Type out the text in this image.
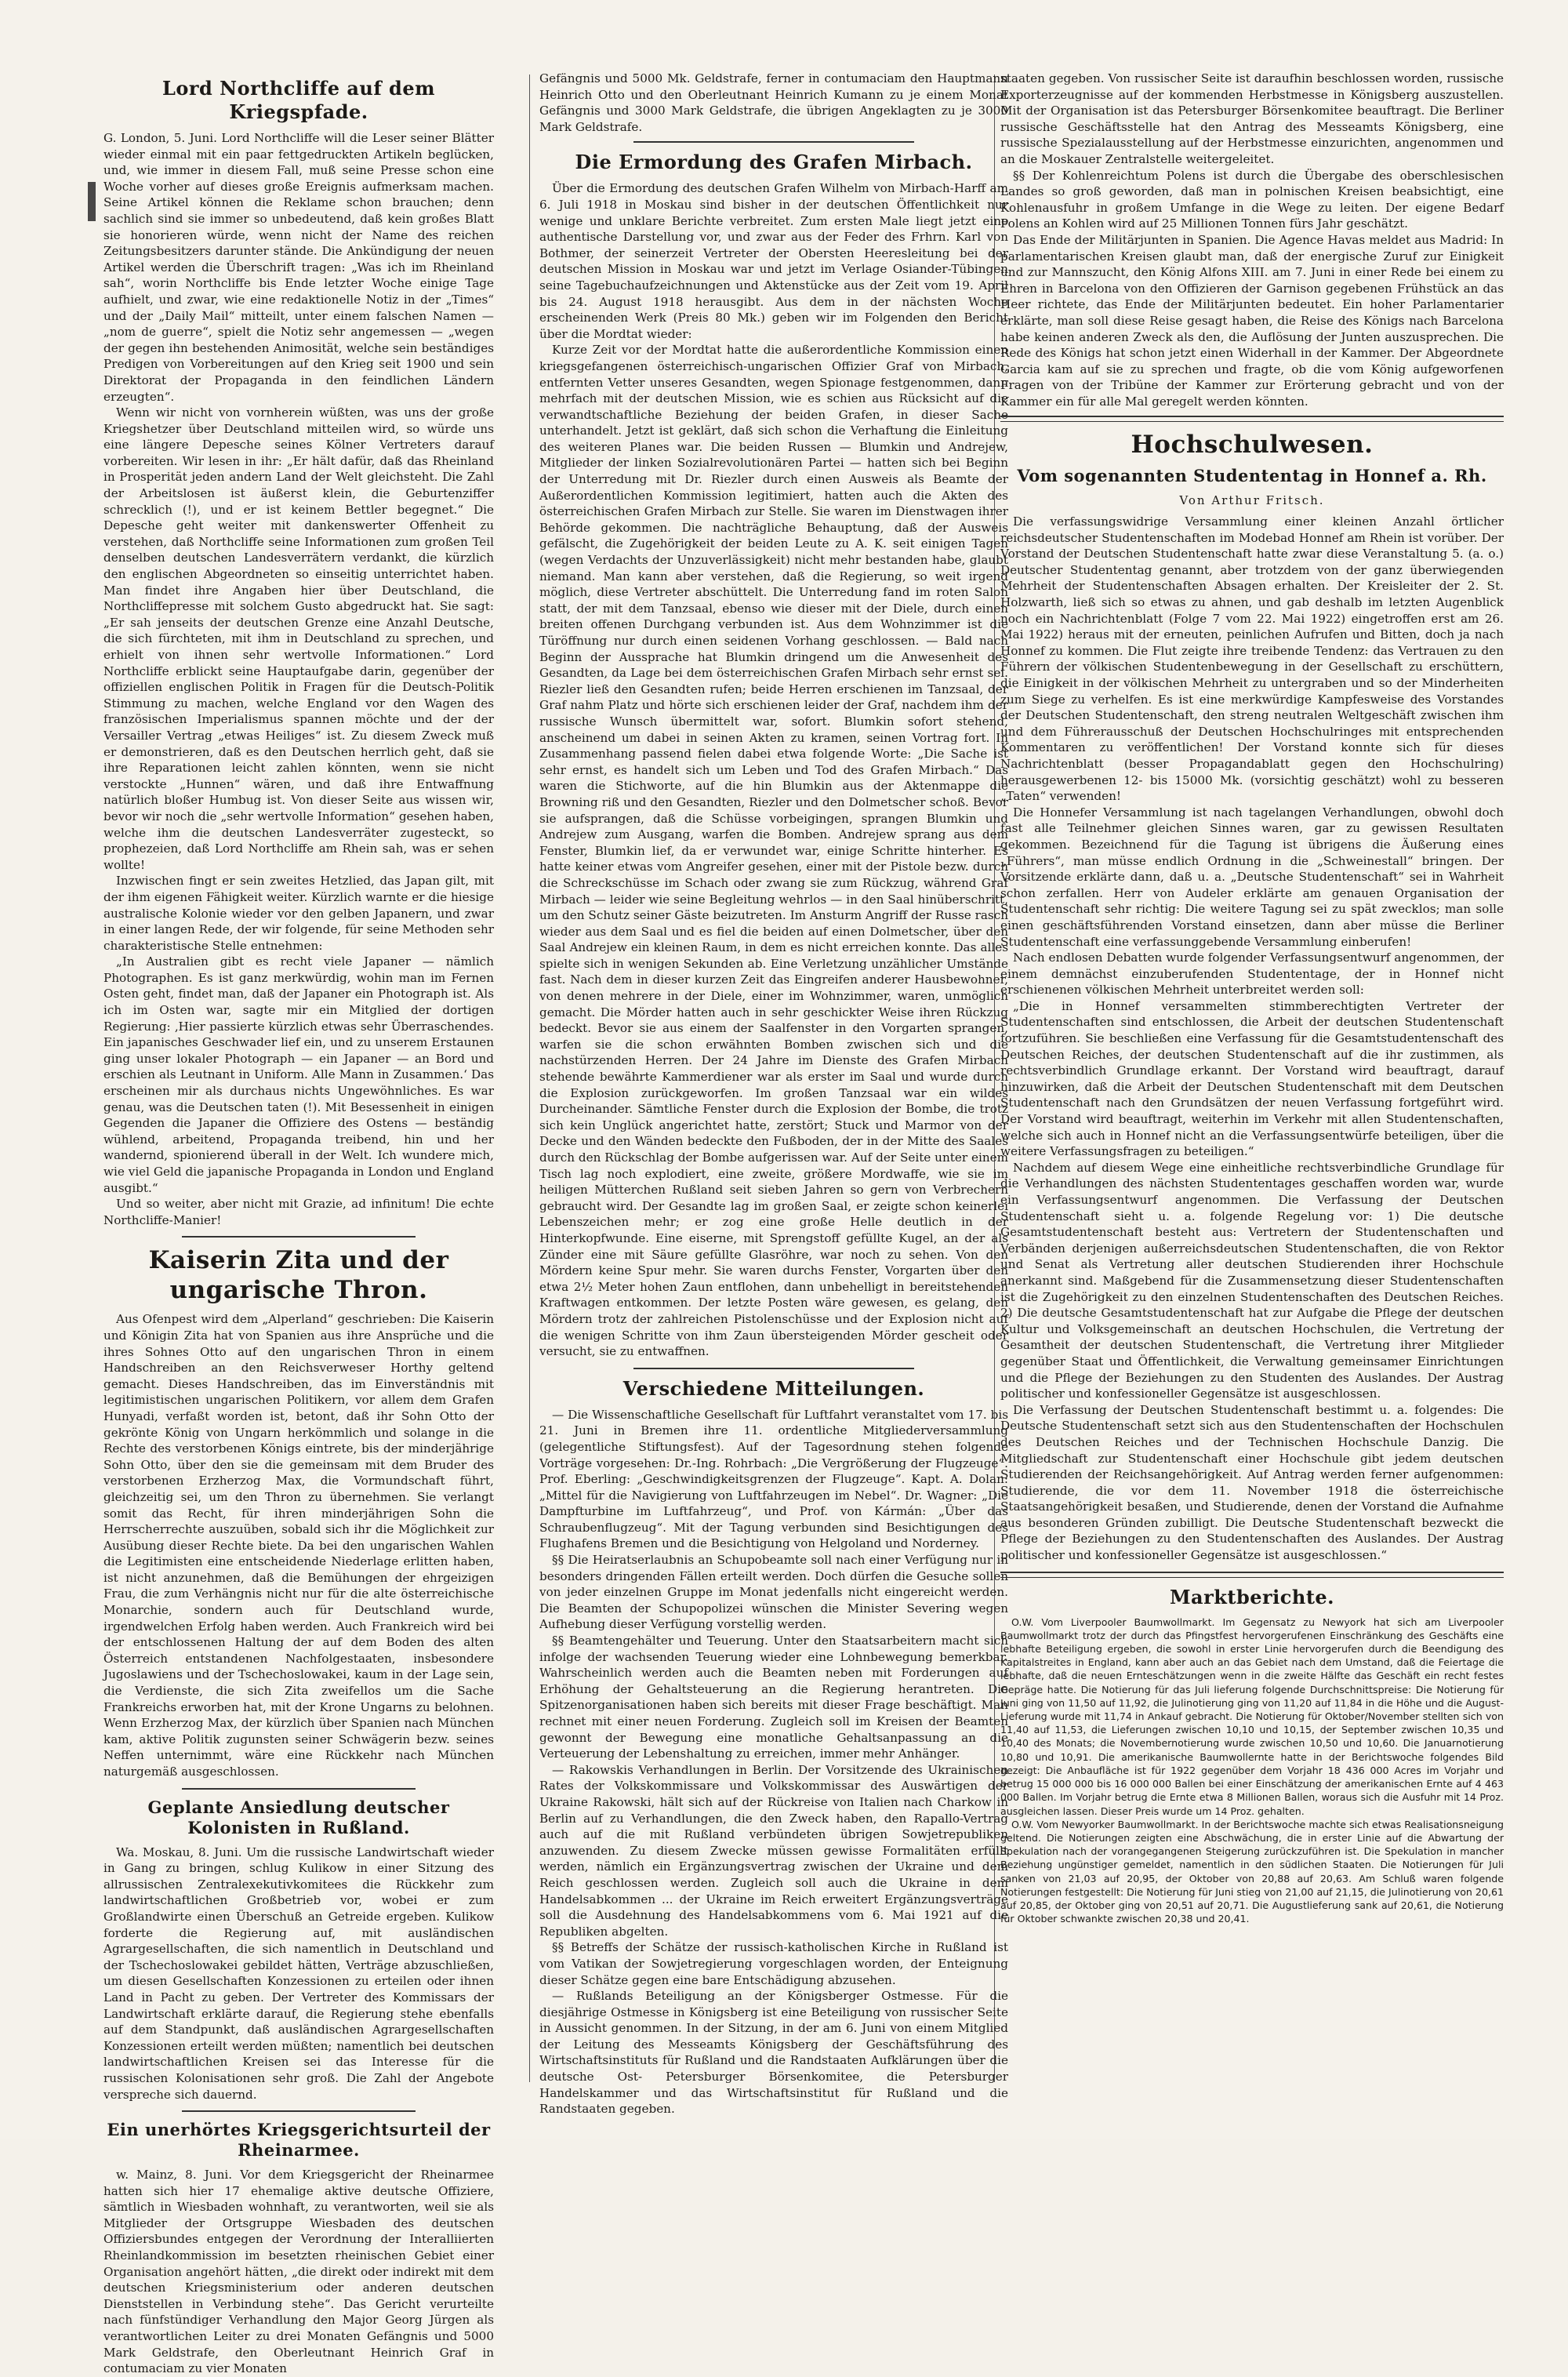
Lord Northcliffe auf dem Kriegspfade.

G. London, 5. Juni. Lord Northcliffe will die Leser seiner Blätter wieder einmal mit ein paar fettgedruckten Artikeln beglücken, und, wie immer in diesem Fall, muß seine Presse schon eine Woche vorher auf dieses große Ereignis aufmerksam machen. Seine Artikel können die Reklame schon brauchen; denn sachlich sind sie immer so unbedeutend, daß kein großes Blatt sie honorieren würde, wenn nicht der Name des reichen Zeitungsbesitzers darunter stände. Die Ankündigung der neuen Artikel werden die Überschrift tragen: „Was ich im Rheinland sah“, worin Northcliffe bis Ende letzter Woche einige Tage aufhielt, und zwar, wie eine redaktionelle Notiz in der „Times“ und der „Daily Mail“ mitteilt, unter einem falschen Namen — „nom de guerre“, spielt die Notiz sehr angemessen — „wegen der gegen ihn bestehenden Animosität, welche sein beständiges Predigen von Vorbereitungen auf den Krieg seit 1900 und sein Direktorat der Propaganda in den feindlichen Ländern erzeugten“.

Wenn wir nicht von vornherein wüßten, was uns der große Kriegshetzer über Deutschland mitteilen wird, so würde uns eine längere Depesche seines Kölner Vertreters darauf vorbereiten. Wir lesen in ihr: „Er hält dafür, daß das Rheinland in Prosperität jeden andern Land der Welt gleichsteht. Die Zahl der Arbeitslosen ist äußerst klein, die Geburtenziffer schrecklich (!), und er ist keinem Bettler begegnet.“ Die Depesche geht weiter mit dankenswerter Offenheit zu verstehen, daß Northcliffe seine Informationen zum großen Teil denselben deutschen Landesverrätern verdankt, die kürzlich den englischen Abgeordneten so einseitig unterrichtet haben. Man findet ihre Angaben hier über Deutschland, die Northcliffepresse mit solchem Gusto abgedruckt hat. Sie sagt: „Er sah jenseits der deutschen Grenze eine Anzahl Deutsche, die sich fürchteten, mit ihm in Deutschland zu sprechen, und erhielt von ihnen sehr wertvolle Informationen.“ Lord Northcliffe erblickt seine Hauptaufgabe darin, gegenüber der offiziellen englischen Politik in Fragen für die Deutsch-Politik Stimmung zu machen, welche England vor den Wagen des französischen Imperialismus spannen möchte und der der Versailler Vertrag „etwas Heiliges“ ist. Zu diesem Zweck muß er demonstrieren, daß es den Deutschen herrlich geht, daß sie ihre Reparationen leicht zahlen könnten, wenn sie nicht verstockte „Hunnen“ wären, und daß ihre Entwaffnung natürlich bloßer Humbug ist. Von dieser Seite aus wissen wir, bevor wir noch die „sehr wertvolle Information“ gesehen haben, welche ihm die deutschen Landesverräter zugesteckt, so prophezeien, daß Lord Northcliffe am Rhein sah, was er sehen wollte!

Inzwischen fingt er sein zweites Hetzlied, das Japan gilt, mit der ihm eigenen Fähigkeit weiter. Kürzlich warnte er die hiesige australische Kolonie wieder vor den gelben Japanern, und zwar in einer langen Rede, der wir folgende, für seine Methoden sehr charakteristische Stelle entnehmen:

„In Australien gibt es recht viele Japaner — nämlich Photographen. Es ist ganz merkwürdig, wohin man im Fernen Osten geht, findet man, daß der Japaner ein Photograph ist. Als ich im Osten war, sagte mir ein Mitglied der dortigen Regierung: ‚Hier passierte kürzlich etwas sehr Überraschendes. Ein japanisches Geschwader lief ein, und zu unserem Erstaunen ging unser lokaler Photograph — ein Japaner — an Bord und erschien als Leutnant in Uniform. Alle Mann in Zusammen.‘ Das erscheinen mir als durchaus nichts Ungewöhnliches. Es war genau, was die Deutschen taten (!). Mit Besessenheit in einigen Gegenden die Japaner die Offiziere des Ostens — beständig wühlend, arbeitend, Propaganda treibend, hin und her wandernd, spionierend überall in der Welt. Ich wundere mich, wie viel Geld die japanische Propaganda in London und England ausgibt.“

Und so weiter, aber nicht mit Grazie, ad infinitum! Die echte Northcliffe-Manier!

Kaiserin Zita und der ungarische Thron.

Aus Ofenpest wird dem „Alperland“ geschrieben: Die Kaiserin und Königin Zita hat von Spanien aus ihre Ansprüche und die ihres Sohnes Otto auf den ungarischen Thron in einem Handschreiben an den Reichsverweser Horthy geltend gemacht. Dieses Handschreiben, das im Einverständnis mit legitimistischen ungarischen Politikern, vor allem dem Grafen Hunyadi, verfaßt worden ist, betont, daß ihr Sohn Otto der gekrönte König von Ungarn herkömmlich und solange in die Rechte des verstorbenen Königs eintrete, bis der minderjährige Sohn Otto, über den sie die gemeinsam mit dem Bruder des verstorbenen Erzherzog Max, die Vormundschaft führt, gleichzeitig sei, um den Thron zu übernehmen. Sie verlangt somit das Recht, für ihren minderjährigen Sohn die Herrscherrechte auszuüben, sobald sich ihr die Möglichkeit zur Ausübung dieser Rechte biete. Da bei den ungarischen Wahlen die Legitimisten eine entscheidende Niederlage erlitten haben, ist nicht anzunehmen, daß die Bemühungen der ehrgeizigen Frau, die zum Verhängnis nicht nur für die alte österreichische Monarchie, sondern auch für Deutschland wurde, irgendwelchen Erfolg haben werden. Auch Frankreich wird bei der entschlossenen Haltung der auf dem Boden des alten Österreich entstandenen Nachfolgestaaten, insbesondere Jugoslawiens und der Tschechoslowakei, kaum in der Lage sein, die Verdienste, die sich Zita zweifellos um die Sache Frankreichs erworben hat, mit der Krone Ungarns zu belohnen. Wenn Erzherzog Max, der kürzlich über Spanien nach München kam, aktive Politik zugunsten seiner Schwägerin bezw. seines Neffen unternimmt, wäre eine Rückkehr nach München naturgemäß ausgeschlossen.

Geplante Ansiedlung deutscher Kolonisten in Rußland.

Wa. Moskau, 8. Juni. Um die russische Landwirtschaft wieder in Gang zu bringen, schlug Kulikow in einer Sitzung des allrussischen Zentralexekutivkomitees die Rückkehr zum landwirtschaftlichen Großbetrieb vor, wobei er zum Großlandwirte einen Überschuß an Getreide ergeben. Kulikow forderte die Regierung auf, mit ausländischen Agrargesellschaften, die sich namentlich in Deutschland und der Tschechoslowakei gebildet hätten, Verträge abzuschließen, um diesen Gesellschaften Konzessionen zu erteilen oder ihnen Land in Pacht zu geben. Der Vertreter des Kommissars der Landwirtschaft erklärte darauf, die Regierung stehe ebenfalls auf dem Standpunkt, daß ausländischen Agrargesellschaften Konzessionen erteilt werden müßten; namentlich bei deutschen landwirtschaftlichen Kreisen sei das Interesse für die russischen Kolonisationen sehr groß. Die Zahl der Angebote verspreche sich dauernd.

Ein unerhörtes Kriegsgerichtsurteil der Rheinarmee.

w. Mainz, 8. Juni. Vor dem Kriegsgericht der Rheinarmee hatten sich hier 17 ehemalige aktive deutsche Offiziere, sämtlich in Wiesbaden wohnhaft, zu verantworten, weil sie als Mitglieder der Ortsgruppe Wiesbaden des deutschen Offiziersbundes entgegen der Verordnung der Interalliierten Rheinlandkommission im besetzten rheinischen Gebiet einer Organisation angehört hätten, „die direkt oder indirekt mit dem deutschen Kriegsministerium oder anderen deutschen Dienststellen in Verbindung stehe“. Das Gericht verurteilte nach fünfstündiger Verhandlung den Major Georg Jürgen als verantwortlichen Leiter zu drei Monaten Gefängnis und 5000 Mark Geldstrafe, den Oberleutnant Heinrich Graf in contumaciam zu vier Monaten

Gefängnis und 5000 Mk. Geldstrafe, ferner in contumaciam den Hauptmann Heinrich Otto und den Oberleutnant Heinrich Kumann zu je einem Monat Gefängnis und 3000 Mark Geldstrafe, die übrigen Angeklagten zu je 3000 Mark Geldstrafe.

Die Ermordung des Grafen Mirbach.

Über die Ermordung des deutschen Grafen Wilhelm von Mirbach-Harff am 6. Juli 1918 in Moskau sind bisher in der deutschen Öffentlichkeit nur wenige und unklare Berichte verbreitet. Zum ersten Male liegt jetzt eine authentische Darstellung vor, und zwar aus der Feder des Frhrn. Karl von Bothmer, der seinerzeit Vertreter der Obersten Heeresleitung bei der deutschen Mission in Moskau war und jetzt im Verlage Osiander-Tübingen seine Tagebuchaufzeichnungen und Aktenstücke aus der Zeit vom 19. April bis 24. August 1918 herausgibt. Aus dem in der nächsten Woche erscheinenden Werk (Preis 80 Mk.) geben wir im Folgenden den Bericht über die Mordtat wieder:

Kurze Zeit vor der Mordtat hatte die außerordentliche Kommission einen kriegsgefangenen österreichisch-ungarischen Offizier Graf von Mirbach, entfernten Vetter unseres Gesandten, wegen Spionage festgenommen, dann mehrfach mit der deutschen Mission, wie es schien aus Rücksicht auf die verwandtschaftliche Beziehung der beiden Grafen, in dieser Sache unterhandelt. Jetzt ist geklärt, daß sich schon die Verhaftung die Einleitung des weiteren Planes war. Die beiden Russen — Blumkin und Andrejew, Mitglieder der linken Sozialrevolutionären Partei — hatten sich bei Beginn der Unterredung mit Dr. Riezler durch einen Ausweis als Beamte der Außerordentlichen Kommission legitimiert, hatten auch die Akten des österreichischen Grafen Mirbach zur Stelle. Sie waren im Dienstwagen ihrer Behörde gekommen. Die nachträgliche Behauptung, daß der Ausweis gefälscht, die Zugehörigkeit der beiden Leute zu A. K. seit einigen Tagen (wegen Verdachts der Unzuverlässigkeit) nicht mehr bestanden habe, glaubt niemand. Man kann aber verstehen, daß die Regierung, so weit irgend möglich, diese Vertreter abschüttelt. Die Unterredung fand im roten Salon statt, der mit dem Tanzsaal, ebenso wie dieser mit der Diele, durch einen breiten offenen Durchgang verbunden ist. Aus dem Wohnzimmer ist die Türöffnung nur durch einen seidenen Vorhang geschlossen. — Bald nach Beginn der Aussprache hat Blumkin dringend um die Anwesenheit des Gesandten, da Lage bei dem österreichischen Grafen Mirbach sehr ernst sei. Riezler ließ den Gesandten rufen; beide Herren erschienen im Tanzsaal, der Graf nahm Platz und hörte sich erschienen leider der Graf, nachdem ihm der russische Wunsch übermittelt war, sofort. Blumkin sofort stehend, anscheinend um dabei in seinen Akten zu kramen, seinen Vortrag fort. In Zusammenhang passend fielen dabei etwa folgende Worte: „Die Sache ist sehr ernst, es handelt sich um Leben und Tod des Grafen Mirbach.“ Das waren die Stichworte, auf die hin Blumkin aus der Aktenmappe die Browning riß und den Gesandten, Riezler und den Dolmetscher schoß. Bevor sie aufsprangen, daß die Schüsse vorbeigingen, sprangen Blumkin und Andrejew zum Ausgang, warfen die Bomben. Andrejew sprang aus dem Fenster, Blumkin lief, da er verwundet war, einige Schritte hinterher. Es hatte keiner etwas vom Angreifer gesehen, einer mit der Pistole bezw. durch die Schreckschüsse im Schach oder zwang sie zum Rückzug, während Graf Mirbach — leider wie seine Begleitung wehrlos — in den Saal hinüberschritt, um den Schutz seiner Gäste beizutreten. Im Ansturm Angriff der Russe rasch wieder aus dem Saal und es fiel die beiden auf einen Dolmetscher, über den Saal Andrejew ein kleinen Raum, in dem es nicht erreichen konnte. Das alles spielte sich in wenigen Sekunden ab. Eine Verletzung unzählicher Umstände fast. Nach dem in dieser kurzen Zeit das Eingreifen anderer Hausbewohner, von denen mehrere in der Diele, einer im Wohnzimmer, waren, unmöglich gemacht. Die Mörder hatten auch in sehr geschickter Weise ihren Rückzug bedeckt. Bevor sie aus einem der Saalfenster in den Vorgarten sprangen, warfen sie die schon erwähnten Bomben zwischen sich und die nachstürzenden Herren. Der 24 Jahre im Dienste des Grafen Mirbach stehende bewährte Kammerdiener war als erster im Saal und wurde durch die Explosion zurückgeworfen. Im großen Tanzsaal war ein wildes Durcheinander. Sämtliche Fenster durch die Explosion der Bombe, die trotz sich kein Unglück angerichtet hatte, zerstört; Stuck und Marmor von der Decke und den Wänden bedeckte den Fußboden, der in der Mitte des Saales durch den Rückschlag der Bombe aufgerissen war. Auf der Seite unter einem Tisch lag noch explodiert, eine zweite, größere Mordwaffe, wie sie im heiligen Mütterchen Rußland seit sieben Jahren so gern von Verbrechern gebraucht wird. Der Gesandte lag im großen Saal, er zeigte schon keinerlei Lebenszeichen mehr; er zog eine große Helle deutlich in der Hinterkopfwunde. Eine eiserne, mit Sprengstoff gefüllte Kugel, an der als Zünder eine mit Säure gefüllte Glasröhre, war noch zu sehen. Von den Mördern keine Spur mehr. Sie waren durchs Fenster, Vorgarten über den etwa 2½ Meter hohen Zaun entflohen, dann unbehelligt in bereitstehenden Kraftwagen entkommen. Der letzte Posten wäre gewesen, es gelang, den Mördern trotz der zahlreichen Pistolenschüsse und der Explosion nicht auf die wenigen Schritte von ihm Zaun übersteigenden Mörder gescheit oder versucht, sie zu entwaffnen.

Verschiedene Mitteilungen.

— Die Wissenschaftliche Gesellschaft für Luftfahrt veranstaltet vom 17. bis 21. Juni in Bremen ihre 11. ordentliche Mitgliederversammlung (gelegentliche Stiftungsfest). Auf der Tagesordnung stehen folgende Vorträge vorgesehen: Dr.-Ing. Rohrbach: „Die Vergrößerung der Flugzeuge“. Prof. Eberling: „Geschwindigkeitsgrenzen der Flugzeuge“. Kapt. A. Dolan: „Mittel für die Navigierung von Luftfahrzeugen im Nebel“. Dr. Wagner: „Die Dampfturbine im Luftfahrzeug“, und Prof. von Kármán: „Über das Schraubenflugzeug“. Mit der Tagung verbunden sind Besichtigungen des Flughafens Bremen und die Besichtigung von Helgoland und Norderney.

§§ Die Heiratserlaubnis an Schupobeamte soll nach einer Verfügung nur in besonders dringenden Fällen erteilt werden. Doch dürfen die Gesuche sollen von jeder einzelnen Gruppe im Monat jedenfalls nicht eingereicht werden. Die Beamten der Schupopolizei wünschen die Minister Severing wegen Aufhebung dieser Verfügung vorstellig werden.

§§ Beamtengehälter und Teuerung. Unter den Staatsarbeitern macht sich infolge der wachsenden Teuerung wieder eine Lohnbewegung bemerkbar. Wahrscheinlich werden auch die Beamten neben mit Forderungen auf Erhöhung der Gehaltsteuerung an die Regierung herantreten. Die Spitzenorganisationen haben sich bereits mit dieser Frage beschäftigt. Man rechnet mit einer neuen Forderung. Zugleich soll im Kreisen der Beamten gewonnt der Bewegung eine monatliche Gehaltsanpassung an die Verteuerung der Lebenshaltung zu erreichen, immer mehr Anhänger.

— Rakowskis Verhandlungen in Berlin. Der Vorsitzende des Ukrainischen Rates der Volkskommissare und Volkskommissar des Auswärtigen der Ukraine Rakowski, hält sich auf der Rückreise von Italien nach Charkow in Berlin auf zu Verhandlungen, die den Zweck haben, den Rapallo-Vertrag auch auf die mit Rußland verbündeten übrigen Sowjetrepubliken anzuwenden. Zu diesem Zwecke müssen gewisse Formalitäten erfüllt werden, nämlich ein Ergänzungsvertrag zwischen der Ukraine und dem Reich geschlossen werden. Zugleich soll auch die Ukraine in dem Handelsabkommen ... der Ukraine im Reich erweitert Ergänzungsverträge soll die Ausdehnung des Handelsabkommens vom 6. Mai 1921 auf die Republiken abgelten.

§§ Betreffs der Schätze der russisch-katholischen Kirche in Rußland ist vom Vatikan der Sowjetregierung vorgeschlagen worden, der Enteignung dieser Schätze gegen eine bare Entschädigung abzusehen.

— Rußlands Beteiligung an der Königsberger Ostmesse. Für die diesjährige Ostmesse in Königsberg ist eine Beteiligung von russischer Seite in Aussicht genommen. In der Sitzung, in der am 6. Juni von einem Mitglied der Leitung des Messeamts Königsberg der Geschäftsführung des Wirtschaftsinstituts für Rußland und die Randstaaten Aufklärungen über die deutsche Ost- Petersburger Börsenkomitee, die Petersburger Handelskammer und das Wirtschaftsinstitut für Rußland und die Randstaaten gegeben.

staaten gegeben. Von russischer Seite ist daraufhin beschlossen worden, russische Exporterzeugnisse auf der kommenden Herbstmesse in Königsberg auszustellen. Mit der Organisation ist das Petersburger Börsenkomitee beauftragt. Die Berliner russische Geschäftsstelle hat den Antrag des Messeamts Königsberg, eine russische Spezialausstellung auf der Herbstmesse einzurichten, angenommen und an die Moskauer Zentralstelle weitergeleitet.

§§ Der Kohlenreichtum Polens ist durch die Übergabe des oberschlesischen Landes so groß geworden, daß man in polnischen Kreisen beabsichtigt, eine Kohlenausfuhr in großem Umfange in die Wege zu leiten. Der eigene Bedarf Polens an Kohlen wird auf 25 Millionen Tonnen fürs Jahr geschätzt.

Das Ende der Militärjunten in Spanien. Die Agence Havas meldet aus Madrid: In parlamentarischen Kreisen glaubt man, daß der energische Zuruf zur Einigkeit und zur Mannszucht, den König Alfons XIII. am 7. Juni in einer Rede bei einem zu Ehren in Barcelona von den Offizieren der Garnison gegebenen Frühstück an das Heer richtete, das Ende der Militärjunten bedeutet. Ein hoher Parlamentarier erklärte, man soll diese Reise gesagt haben, die Reise des Königs nach Barcelona habe keinen anderen Zweck als den, die Auflösung der Junten auszusprechen. Die Rede des Königs hat schon jetzt einen Widerhall in der Kammer. Der Abgeordnete Garcia kam auf sie zu sprechen und fragte, ob die vom König aufgeworfenen Fragen von der Tribüne der Kammer zur Erörterung gebracht und von der Kammer ein für alle Mal geregelt werden könnten.

Hochschulwesen.
Vom sogenannten Studententag in Honnef a. Rh.
Von Arthur Fritsch.

Die verfassungswidrige Versammlung einer kleinen Anzahl örtlicher reichsdeutscher Studentenschaften im Modebad Honnef am Rhein ist vorüber. Der Vorstand der Deutschen Studentenschaft hatte zwar diese Veranstaltung 5. (a. o.) Deutscher Studententag genannt, aber trotzdem von der ganz überwiegenden Mehrheit der Studentenschaften Absagen erhalten. Der Kreisleiter der 2. St. Holzwarth, ließ sich so etwas zu ahnen, und gab deshalb im letzten Augenblick noch ein Nachrichtenblatt (Folge 7 vom 22. Mai 1922) eingetroffen erst am 26. Mai 1922) heraus mit der erneuten, peinlichen Aufrufen und Bitten, doch ja nach Honnef zu kommen. Die Flut zeigte ihre treibende Tendenz: das Vertrauen zu den Führern der völkischen Studentenbewegung in der Gesellschaft zu erschüttern, die Einigkeit in der völkischen Mehrheit zu untergraben und so der Minderheiten zum Siege zu verhelfen. Es ist eine merkwürdige Kampfesweise des Vorstandes der Deutschen Studentenschaft, den streng neutralen Weltgeschäft zwischen ihm und dem Führerausschuß der Deutschen Hochschulringes mit entsprechenden Kommentaren zu veröffentlichen! Der Vorstand konnte sich für dieses Nachrichtenblatt (besser Propagandablatt gegen den Hochschulring) herausgewerbenen 12- bis 15000 Mk. (vorsichtig geschätzt) wohl zu besseren „Taten“ verwenden!

Die Honnefer Versammlung ist nach tagelangen Verhandlungen, obwohl doch fast alle Teilnehmer gleichen Sinnes waren, gar zu gewissen Resultaten gekommen. Bezeichnend für die Tagung ist übrigens die Äußerung eines „Führers“, man müsse endlich Ordnung in die „Schweinestall“ bringen. Der Vorsitzende erklärte dann, daß u. a. „Deutsche Studentenschaft“ sei in Wahrheit schon zerfallen. Herr von Audeler erklärte am genauen Organisation der Studentenschaft sehr richtig: Die weitere Tagung sei zu spät zwecklos; man solle einen geschäftsführenden Vorstand einsetzen, dann aber müsse die Berliner Studentenschaft eine verfassunggebende Versammlung einberufen!

Nach endlosen Debatten wurde folgender Verfassungsentwurf angenommen, der einem demnächst einzuberufenden Studententage, der in Honnef nicht erschienenen völkischen Mehrheit unterbreitet werden soll:

„Die in Honnef versammelten stimmberechtigten Vertreter der Studentenschaften sind entschlossen, die Arbeit der deutschen Studentenschaft fortzuführen. Sie beschließen eine Verfassung für die Gesamtstudentenschaft des Deutschen Reiches, der deutschen Studentenschaft auf die ihr zustimmen, als rechtsverbindlich Grundlage erkannt. Der Vorstand wird beauftragt, darauf hinzuwirken, daß die Arbeit der Deutschen Studentenschaft mit dem Deutschen Studentenschaft nach den Grundsätzen der neuen Verfassung fortgeführt wird. Der Vorstand wird beauftragt, weiterhin im Verkehr mit allen Studentenschaften, welche sich auch in Honnef nicht an die Verfassungsentwürfe beteiligen, über die weitere Verfassungsfragen zu beteiligen.“

Nachdem auf diesem Wege eine einheitliche rechtsverbindliche Grundlage für die Verhandlungen des nächsten Studententages geschaffen worden war, wurde ein Verfassungsentwurf angenommen. Die Verfassung der Deutschen Studentenschaft sieht u. a. folgende Regelung vor: 1) Die deutsche Gesamtstudentenschaft besteht aus: Vertretern der Studentenschaften und Verbänden derjenigen außerreichsdeutschen Studentenschaften, die von Rektor und Senat als Vertretung aller deutschen Studierenden ihrer Hochschule anerkannt sind. Maßgebend für die Zusammensetzung dieser Studentenschaften ist die Zugehörigkeit zu den einzelnen Studentenschaften des Deutschen Reiches. 2) Die deutsche Gesamtstudentenschaft hat zur Aufgabe die Pflege der deutschen Kultur und Volksgemeinschaft an deutschen Hochschulen, die Vertretung der Gesamtheit der deutschen Studentenschaft, die Vertretung ihrer Mitglieder gegenüber Staat und Öffentlichkeit, die Verwaltung gemeinsamer Einrichtungen und die Pflege der Beziehungen zu den Studenten des Auslandes. Der Austrag politischer und konfessioneller Gegensätze ist ausgeschlossen.

Die Verfassung der Deutschen Studentenschaft bestimmt u. a. folgendes: Die Deutsche Studentenschaft setzt sich aus den Studentenschaften der Hochschulen des Deutschen Reiches und der Technischen Hochschule Danzig. Die Mitgliedschaft zur Studentenschaft einer Hochschule gibt jedem deutschen Studierenden der Reichsangehörigkeit. Auf Antrag werden ferner aufgenommen: Studierende, die vor dem 11. November 1918 die österreichische Staatsangehörigkeit besaßen, und Studierende, denen der Vorstand die Aufnahme aus besonderen Gründen zubilligt. Die Deutsche Studentenschaft bezweckt die Pflege der Beziehungen zu den Studentenschaften des Auslandes. Der Austrag politischer und konfessioneller Gegensätze ist ausgeschlossen.“

Marktberichte.

O.W. Vom Liverpooler Baumwollmarkt. Im Gegensatz zu Newyork hat sich am Liverpooler Baumwollmarkt trotz der durch das Pfingstfest hervorgerufenen Einschränkung des Geschäfts eine lebhafte Beteiligung ergeben, die sowohl in erster Linie hervorgerufen durch die Beendigung des Kapitalstreites in England, kann aber auch an das Gebiet nach dem Umstand, daß die Feiertage die lebhafte, daß die neuen Ernteschätzungen wenn in die zweite Hälfte das Geschäft ein recht festes Gepräge hatte. Die Notierung für das Juli lieferung folgende Durchschnittspreise: Die Notierung für Juni ging von 11,50 auf 11,92, die Julinotierung ging von 11,20 auf 11,84 in die Höhe und die August-Lieferung wurde mit 11,74 in Ankauf gebracht. Die Notierung für Oktober/November stellten sich von 11,40 auf 11,53, die Lieferungen zwischen 10,10 und 10,15, der September zwischen 10,35 und 10,40 des Monats; die Novembernotierung wurde zwischen 10,50 und 10,60. Die Januarnotierung 10,80 und 10,91. Die amerikanische Baumwollernte hatte in der Berichtswoche folgendes Bild gezeigt: Die Anbaufläche ist für 1922 gegenüber dem Vorjahr 18 436 000 Acres im Vorjahr und betrug 15 000 000 bis 16 000 000 Ballen bei einer Einschätzung der amerikanischen Ernte auf 4 463 000 Ballen. Im Vorjahr betrug die Ernte etwa 8 Millionen Ballen, woraus sich die Ausfuhr mit 14 Proz. ausgleichen lassen. Dieser Preis wurde um 14 Proz. gehalten.

O.W. Vom Newyorker Baumwollmarkt. In der Berichtswoche machte sich etwas Realisationsneigung geltend. Die Notierungen zeigten eine Abschwächung, die in erster Linie auf die Abwartung der Spekulation nach der vorangegangenen Steigerung zurückzuführen ist. Die Spekulation in mancher Beziehung ungünstiger gemeldet, namentlich in den südlichen Staaten. Die Notierungen für Juli sanken von 21,03 auf 20,95, der Oktober von 20,88 auf 20,63. Am Schluß waren folgende Notierungen festgestellt: Die Notierung für Juni stieg von 21,00 auf 21,15, die Julinotierung von 20,61 auf 20,85, der Oktober ging von 20,51 auf 20,71. Die Augustlieferung sank auf 20,61, die Notierung für Oktober schwankte zwischen 20,38 und 20,41.
